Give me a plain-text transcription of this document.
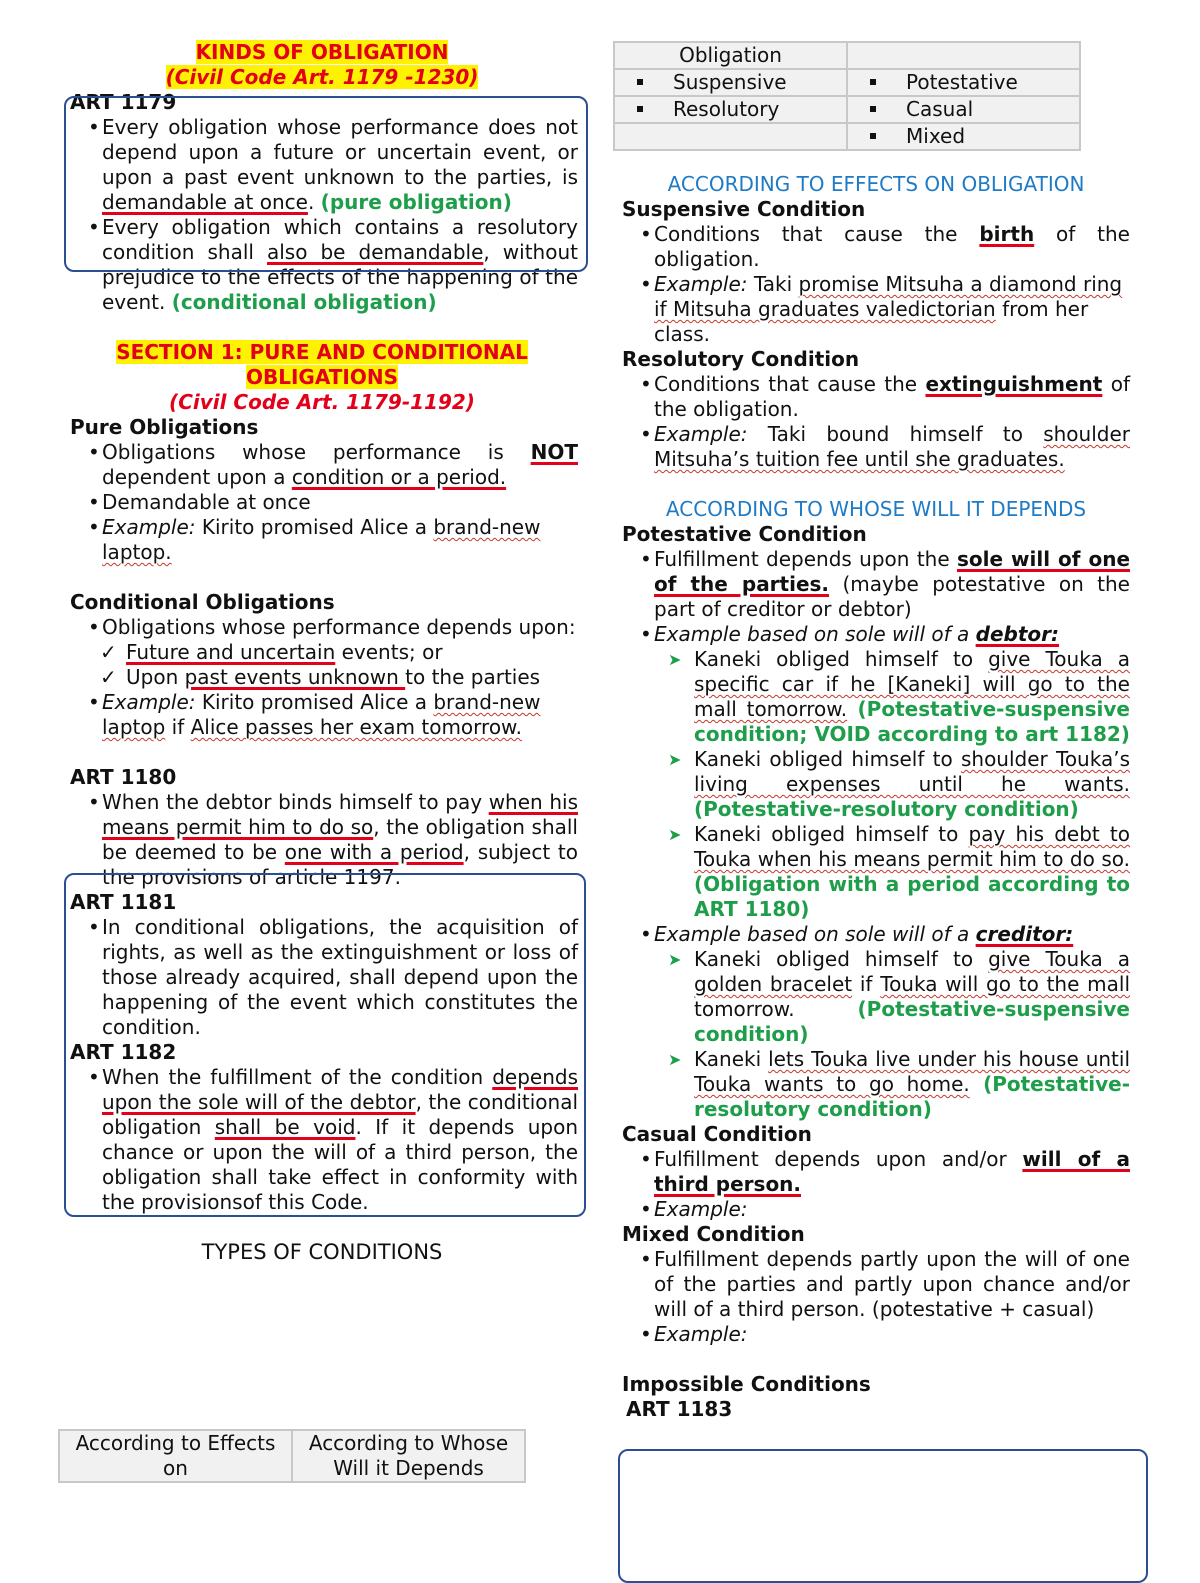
KINDS OF OBLIGATION
(Civil Code Art. 1179 -1230)
ART 1179
• Every obligation whose performance does not depend upon a future or uncertain event, or upon a past event unknown to the parties, is demandable at once. (pure obligation)
• Every obligation which contains a resolutory condition shall also be demandable, without prejudice to the effects of the happening of the event. (conditional obligation)
SECTION 1: PURE AND CONDITIONAL
OBLIGATIONS
(Civil Code Art. 1179-1192)
Pure Obligations
• Obligations whose performance is NOT dependent upon a condition or a period.
• Demandable at once
• Example: Kirito promised Alice a brand-new laptop.
Conditional Obligations
• Obligations whose performance depends upon:
✓ Future and uncertain events; or
✓ Upon past events unknown to the parties
• Example: Kirito promised Alice a brand-new laptop if Alice passes her exam tomorrow.
ART 1180
• When the debtor binds himself to pay when his means permit him to do so, the obligation shall be deemed to be one with a period, subject to the provisions of article 1197.
ART 1181
• In conditional obligations, the acquisition of rights, as well as the extinguishment or loss of those already acquired, shall depend upon the happening of the event which constitutes the condition.
ART 1182
• When the fulfillment of the condition depends upon the sole will of the debtor, the conditional obligation shall be void. If it depends upon chance or upon the will of a third person, the obligation shall take effect in conformity with the provisionsof this Code.
TYPES OF CONDITIONS
According to Effects on	According to Whose Will it Depends
Obligation	
Suspensive	Potestative
Resolutory	Casual
	Mixed
ACCORDING TO EFFECTS ON OBLIGATION
Suspensive Condition
• Conditions that cause the birth of the obligation.
• Example: Taki promise Mitsuha a diamond ring if Mitsuha graduates valedictorian from her class.
Resolutory Condition
• Conditions that cause the extinguishment of the obligation.
• Example: Taki bound himself to shoulder Mitsuha’s tuition fee until she graduates.
ACCORDING TO WHOSE WILL IT DEPENDS
Potestative Condition
• Fulfillment depends upon the sole will of one of the parties. (maybe potestative on the part of creditor or debtor)
• Example based on sole will of a debtor:
➤ Kaneki obliged himself to give Touka a specific car if he [Kaneki] will go to the mall tomorrow. (Potestative-suspensive condition; VOID according to art 1182)
➤ Kaneki obliged himself to shoulder Touka’s living expenses until he wants. (Potestative-resolutory condition)
➤ Kaneki obliged himself to pay his debt to Touka when his means permit him to do so. (Obligation with a period according to ART 1180)
• Example based on sole will of a creditor:
➤ Kaneki obliged himself to give Touka a golden bracelet if Touka will go to the mall tomorrow. (Potestative-suspensive condition)
➤ Kaneki lets Touka live under his house until Touka wants to go home. (Potestative-resolutory condition)
Casual Condition
• Fulfillment depends upon and/or will of a third person.
• Example:
Mixed Condition
• Fulfillment depends partly upon the will of one of the parties and partly upon chance and/or will of a third person. (potestative + casual)
• Example:
Impossible Conditions
ART 1183
